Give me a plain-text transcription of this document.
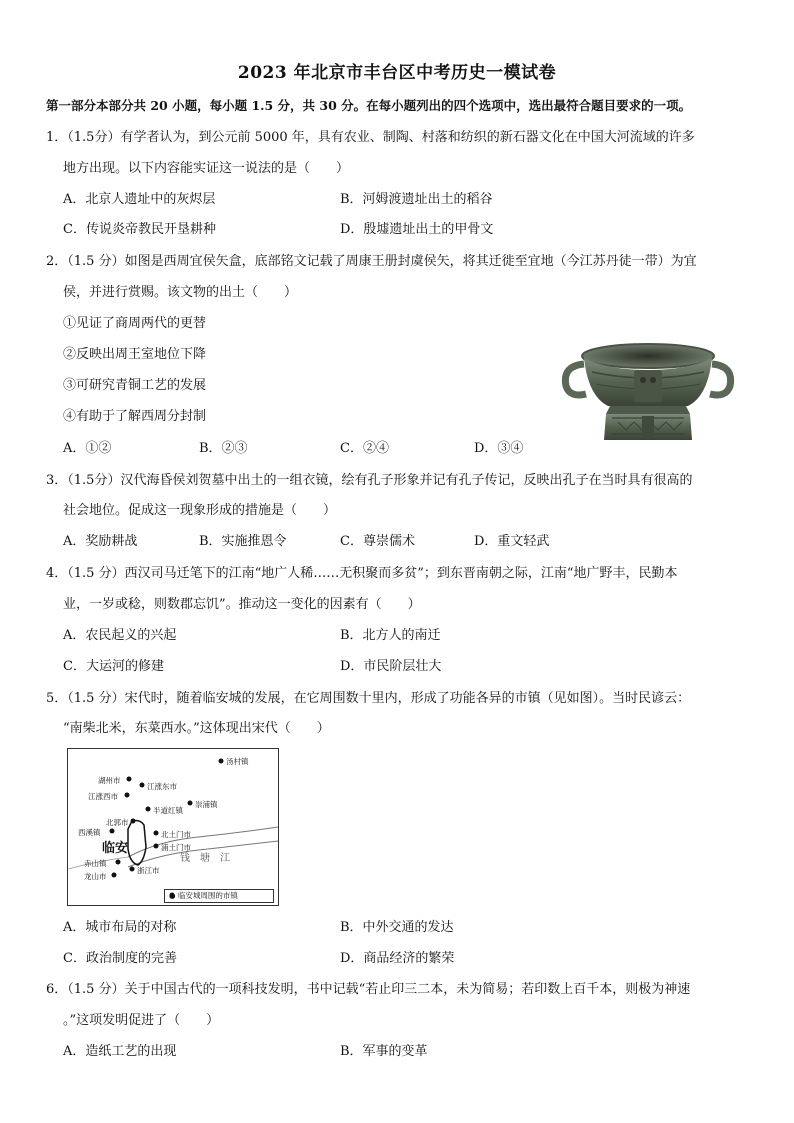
2023 年北京市丰台区中考历史一模试卷
第一部分本部分共 20 小题，每小题 1.5 分，共 30 分。在每小题列出的四个选项中，选出最符合题目要求的一项。
1．（1.5分）有学者认为，到公元前 5000 年，具有农业、制陶、村落和纺织的新石器文化在中国大河流域的许多
地方出现。以下内容能实证这一说法的是（　　）
A．北京人遗址中的灰烬层	B．河姆渡遗址出土的稻谷
C．传说炎帝教民开垦耕种	D．殷墟遗址出土的甲骨文
2．（1.5 分）如图是西周宜侯矢盒，底部铭文记载了周康王册封虞侯矢，将其迁徙至宜地（今江苏丹徒一带）为宜
侯，并进行赏赐。该文物的出土（　　）
①见证了商周两代的更替
②反映出周王室地位下降
③可研究青铜工艺的发展
④有助于了解西周分封制
A．①②	B．②③	C．②④	D．③④
3．（1.5分）汉代海昏侯刘贺墓中出土的一组衣镜，绘有孔子形象并记有孔子传记，反映出孔子在当时具有很高的
社会地位。促成这一现象形成的措施是（　　）
A．奖励耕战	B．实施推恩令	C．尊崇儒术	D．重文轻武
4．（1.5 分）西汉司马迁笔下的江南“地广人稀……无积聚而多贫”；到东晋南朝之际，江南“地广野丰，民勤本
业，一岁或稔，则数郡忘饥”。推动这一变化的因素有（　　）
A．农民起义的兴起	B．北方人的南迁
C．大运河的修建	D．市民阶层壮大
5．（1.5 分）宋代时，随着临安城的发展，在它周围数十里内，形成了功能各异的市镇（见如图）。当时民谚云：
“南柴北米，东菜西水。”这体现出宋代（　　）
汤村镇
湖州市
江涨东市
江涨西市
半道红镇
北郭市
崇浦镇
北土门市
西溪镇
浦土门市
赤山镇
浙江市
龙山市
临安
钱塘江
● 临安城周围的市镇
A．城市布局的对称	B．中外交通的发达
C．政治制度的完善	D．商品经济的繁荣
6．（1.5 分）关于中国古代的一项科技发明，书中记载“若止印三二本，未为简易；若印数上百千本，则极为神速
。”这项发明促进了（　　）
A．造纸工艺的出现	B．军事的变革
